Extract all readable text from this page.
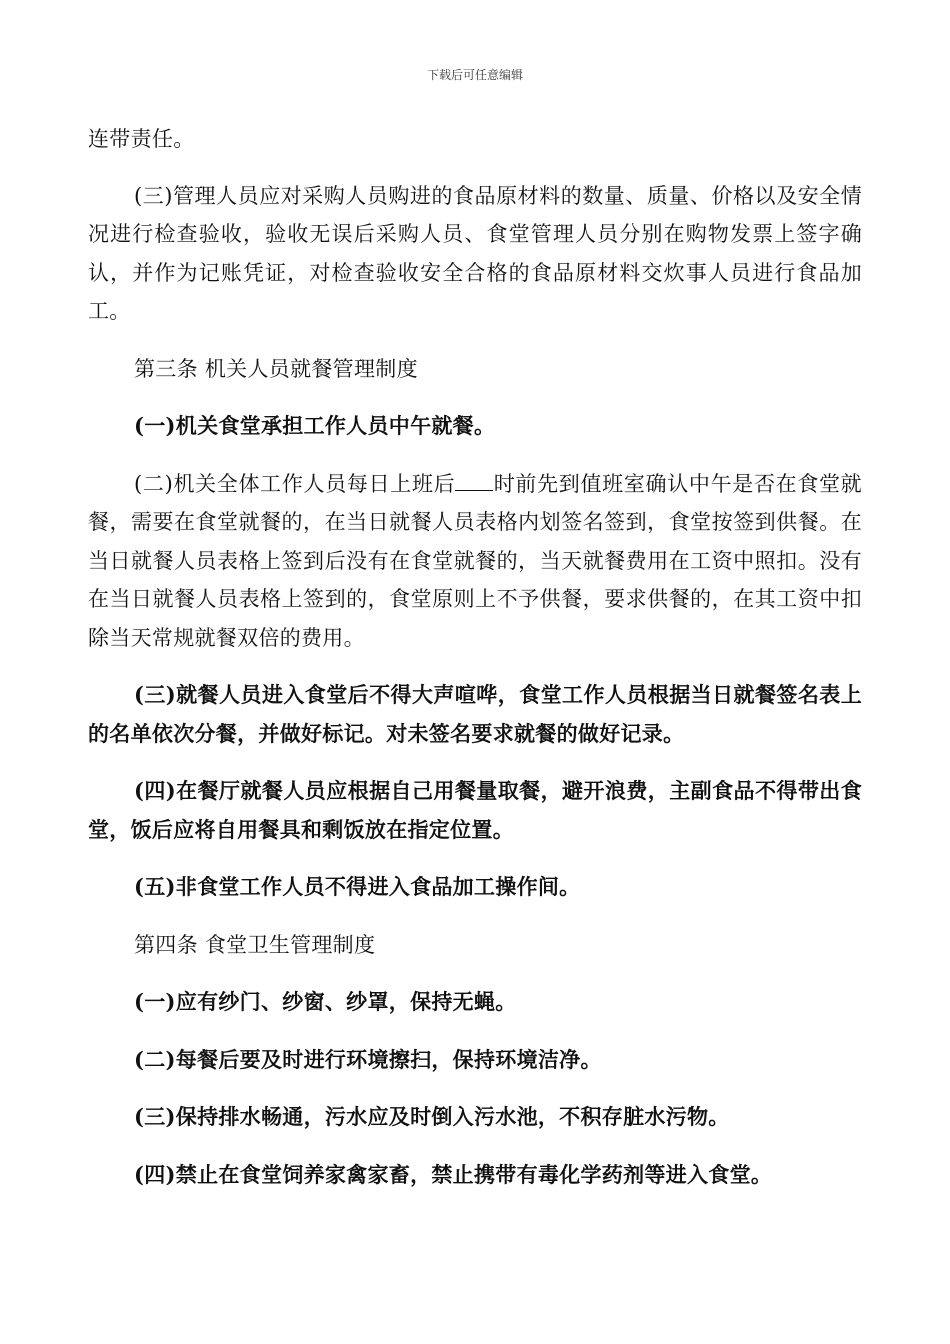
下载后可任意编辑

连带责任。

(三)管理人员应对采购人员购进的食品原材料的数量、质量、价格以及安全情况进行检查验收，验收无误后采购人员、食堂管理人员分别在购物发票上签字确认，并作为记账凭证，对检查验收安全合格的食品原材料交炊事人员进行食品加工。

第三条 机关人员就餐管理制度

(一)机关食堂承担工作人员中午就餐。

(二)机关全体工作人员每日上班后 时前先到值班室确认中午是否在食堂就餐，需要在食堂就餐的，在当日就餐人员表格内划签名签到，食堂按签到供餐。在当日就餐人员表格上签到后没有在食堂就餐的，当天就餐费用在工资中照扣。没有在当日就餐人员表格上签到的，食堂原则上不予供餐，要求供餐的，在其工资中扣除当天常规就餐双倍的费用。

(三)就餐人员进入食堂后不得大声喧哗，食堂工作人员根据当日就餐签名表上的名单依次分餐，并做好标记。对未签名要求就餐的做好记录。

(四)在餐厅就餐人员应根据自己用餐量取餐，避开浪费，主副食品不得带出食堂，饭后应将自用餐具和剩饭放在指定位置。

(五)非食堂工作人员不得进入食品加工操作间。

第四条 食堂卫生管理制度

(一)应有纱门、纱窗、纱罩，保持无蝇。

(二)每餐后要及时进行环境擦扫，保持环境洁净。

(三)保持排水畅通，污水应及时倒入污水池，不积存脏水污物。

(四)禁止在食堂饲养家禽家畜，禁止携带有毒化学药剂等进入食堂。
